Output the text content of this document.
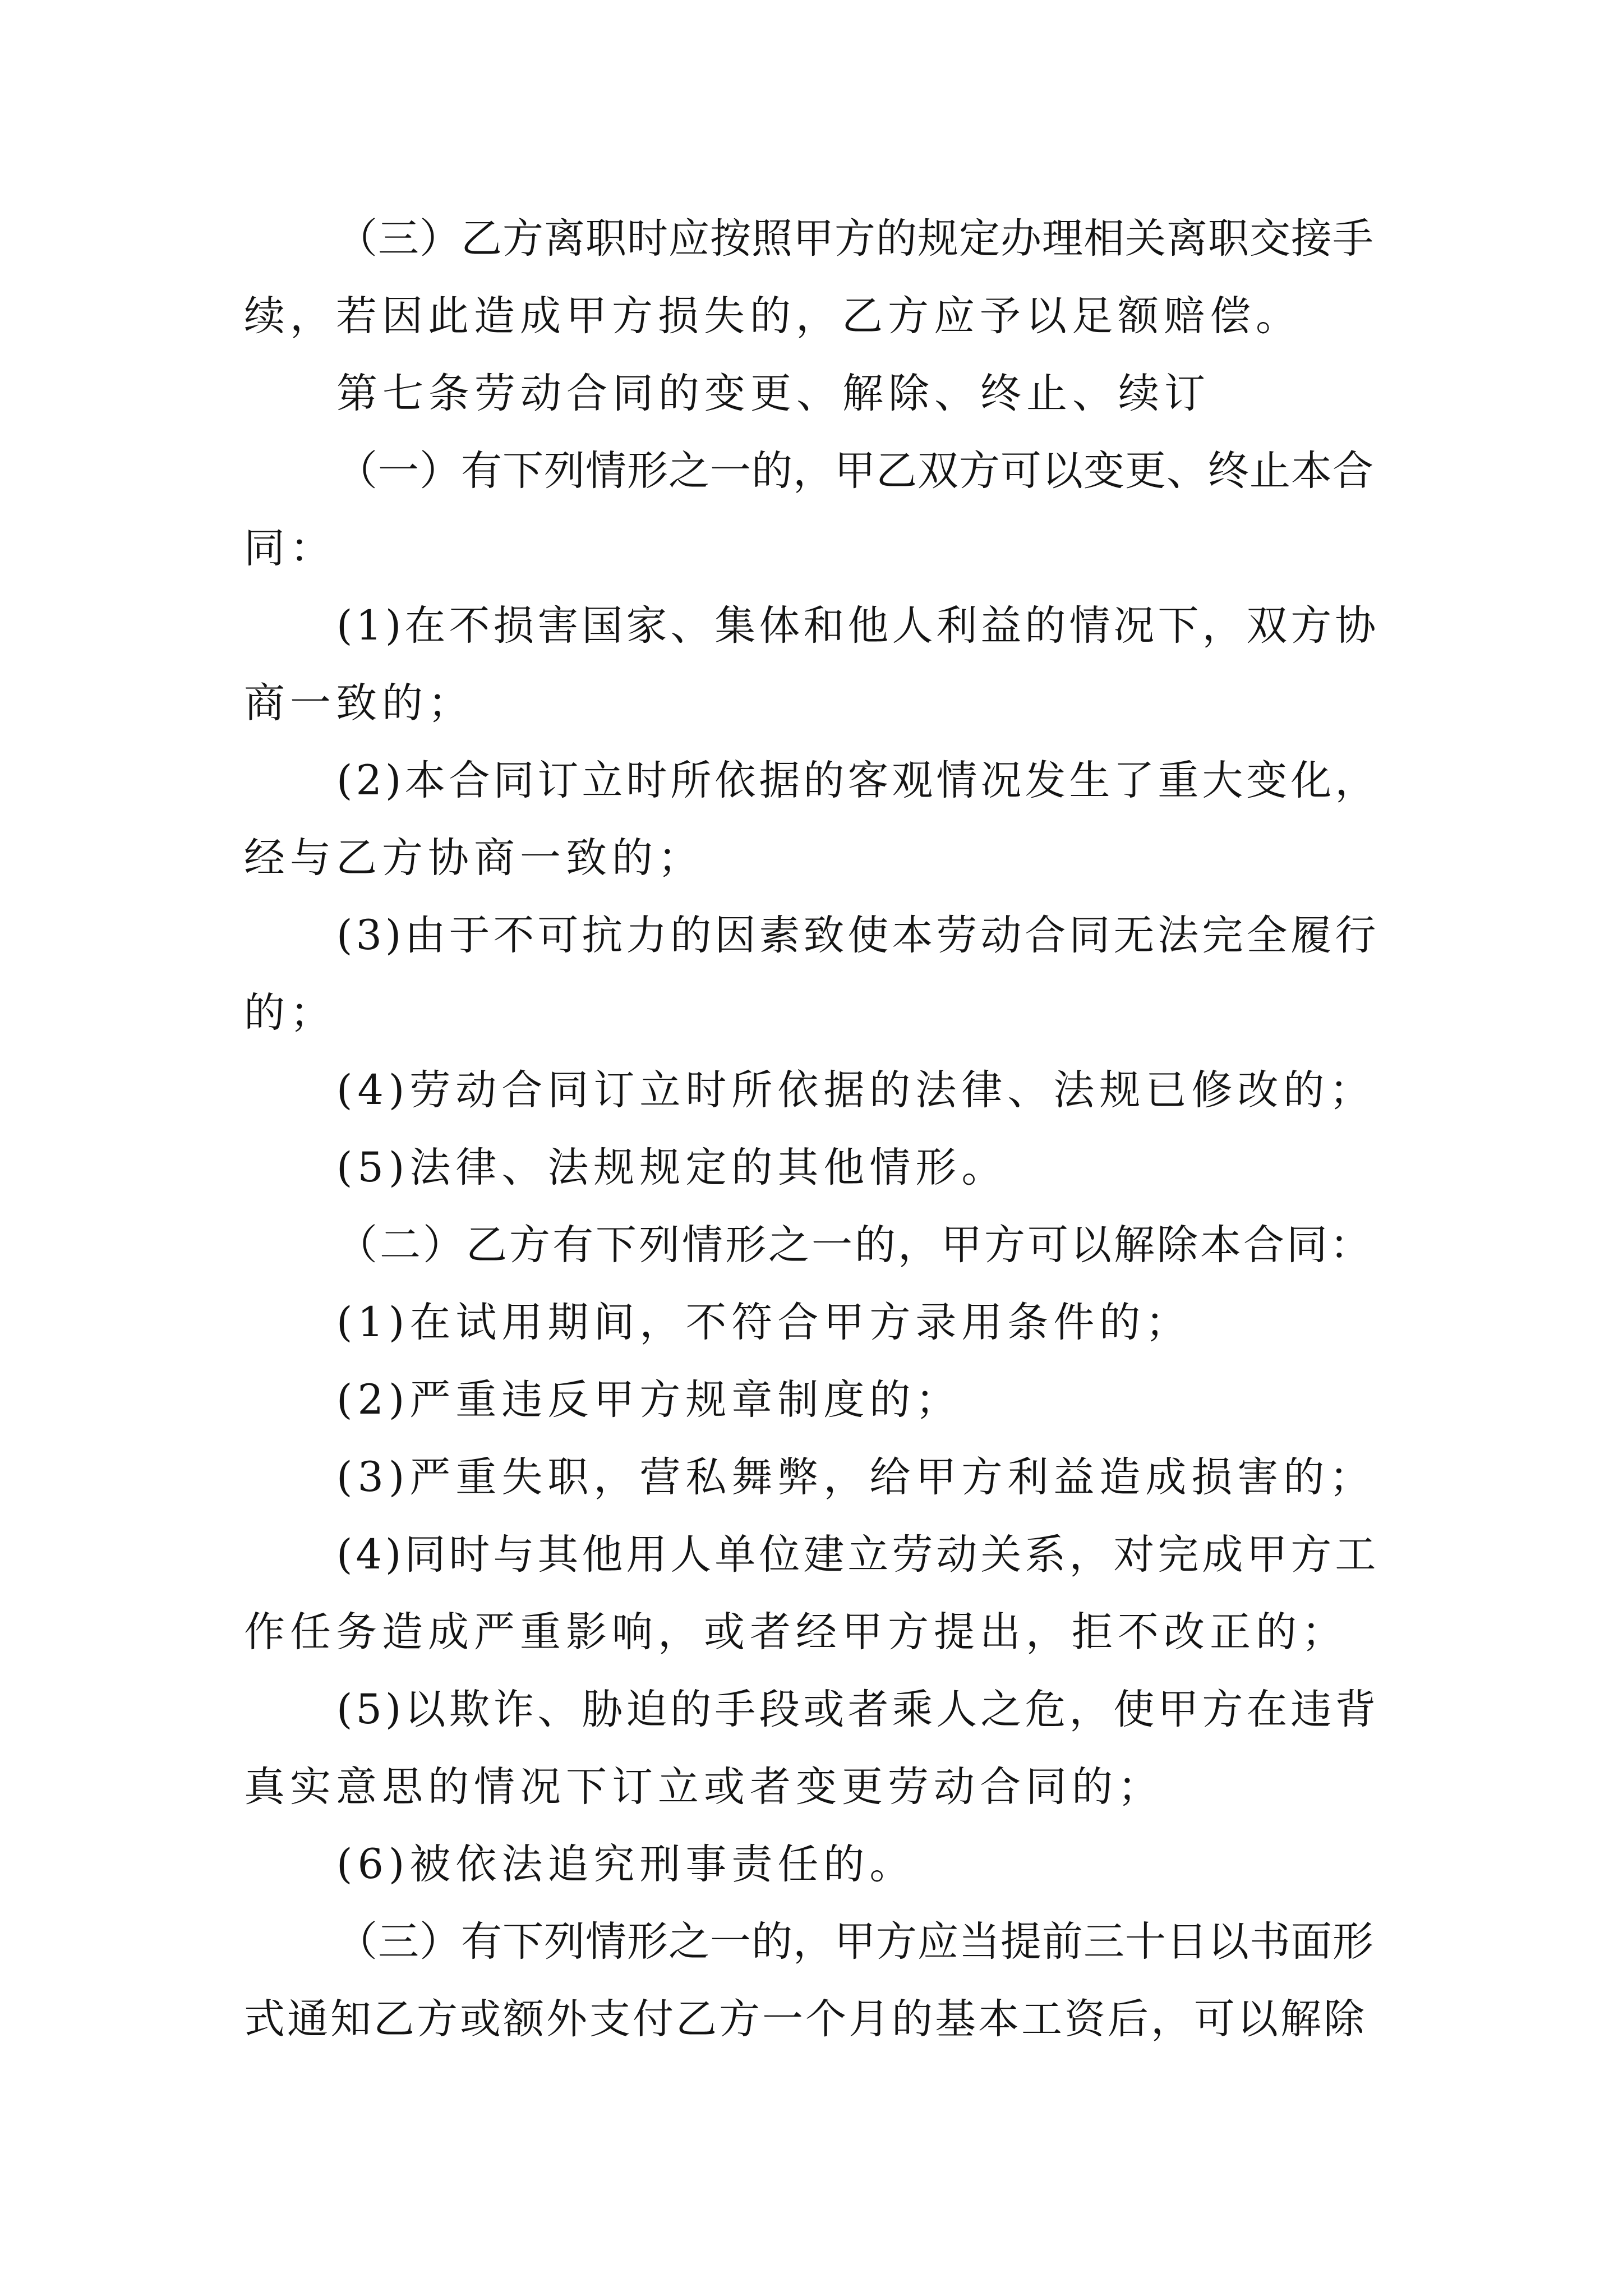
（三）乙方离职时应按照甲方的规定办理相关离职交接手

续，若因此造成甲方损失的，乙方应予以足额赔偿。

第七条劳动合同的变更、解除、终止、续订

（一）有下列情形之一的，甲乙双方可以变更、终止本合

同：

(1)在不损害国家、集体和他人利益的情况下，双方协

商一致的；

(2)本合同订立时所依据的客观情况发生了重大变化，

经与乙方协商一致的；

(3)由于不可抗力的因素致使本劳动合同无法完全履行

的；

(4)劳动合同订立时所依据的法律、法规已修改的；

(5)法律、法规规定的其他情形。

（二）乙方有下列情形之一的，甲方可以解除本合同：

(1)在试用期间，不符合甲方录用条件的；

(2)严重违反甲方规章制度的；

(3)严重失职，营私舞弊，给甲方利益造成损害的；

(4)同时与其他用人单位建立劳动关系，对完成甲方工

作任务造成严重影响，或者经甲方提出，拒不改正的；

(5)以欺诈、胁迫的手段或者乘人之危，使甲方在违背

真实意思的情况下订立或者变更劳动合同的；

(6)被依法追究刑事责任的。

（三）有下列情形之一的，甲方应当提前三十日以书面形

式通知乙方或额外支付乙方一个月的基本工资后，可以解除
